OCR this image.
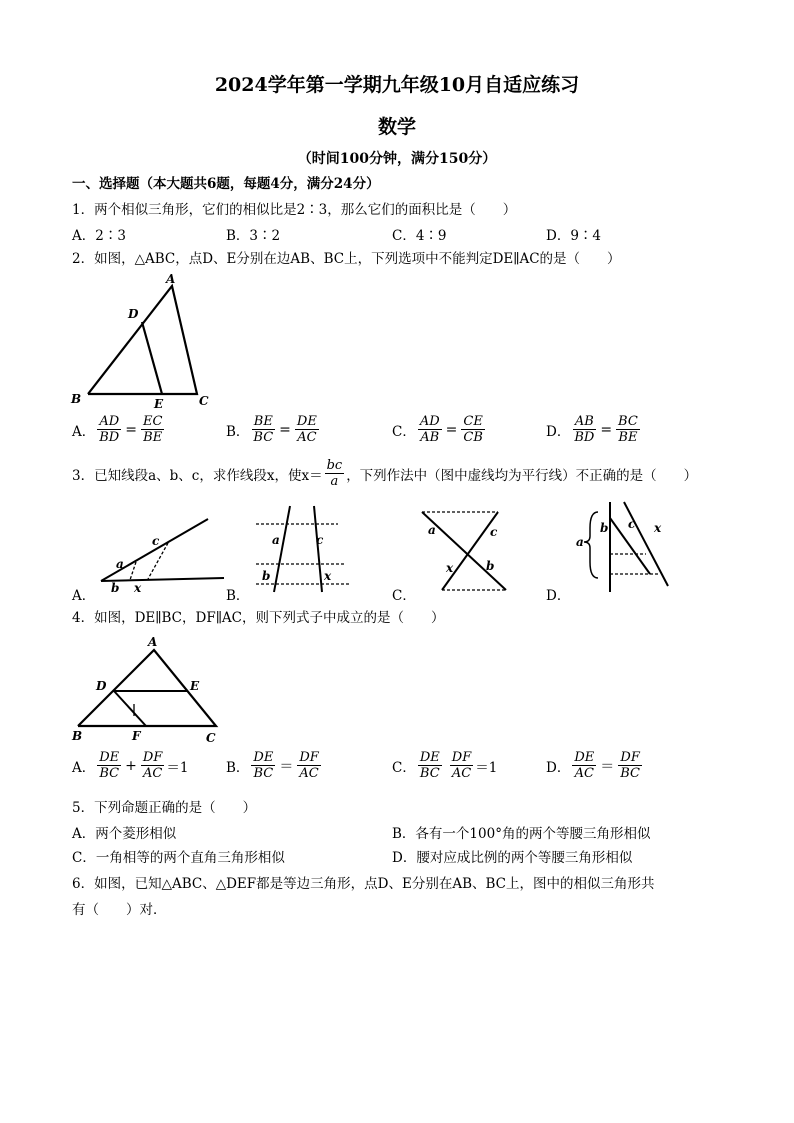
2024学年第一学期九年级10月自适应练习
数学
（时间100分钟，满分150分）
一、选择题（本大题共6题，每题4分，满分24分）
1．两个相似三角形，它们的相似比是2∶3，那么它们的面积比是（　　）
A．2∶3	B．3∶2	C．4∶9	D．9∶4
2．如图，△ABC，点D、E分别在边AB、BC上，下列选项中不能判定DE∥AC的是（　　）
A
B	C
D
E
A． $\frac{AD}{BD} = \frac{EC}{BE}$	B． $\frac{BE}{BC} = \frac{DE}{AC}$	C． $\frac{AD}{AB} = \frac{CE}{CB}$	D． $\frac{AB}{BD} = \frac{BC}{BE}$
3．已知线段a、b、c，求作线段x，使$x= \frac{bc}{a}$ ，下列作法中（图中虚线均为平行线）不正确的是（　　）
a
c
b x
A．
a	c
b	x
B．
a	c
x	b
C．
a
b c x
D．
4．如图，DE∥BC，DF∥AC，则下列式子中成立的是（　　）
A
B	C
D	E
F
A． $\frac{DE}{BC} + \frac{DF}{AC} =1$	B． $\frac{DE}{BC} = \frac{DF}{AC}$	C． $\frac{DE}{BC} \frac{DF}{AC} =1$	D． $\frac{DE}{AC} = \frac{DF}{BC}$
5．下列命题正确的是（　　）
A．两个菱形相似	B．各有一个100°角的两个等腰三角形相似
C．一角相等的两个直角三角形相似	D．腰对应成比例的两个等腰三角形相似
6．如图，已知△ABC、△DEF都是等边三角形，点D、E分别在AB、BC上，图中的相似三角形共
有（　　）对．
